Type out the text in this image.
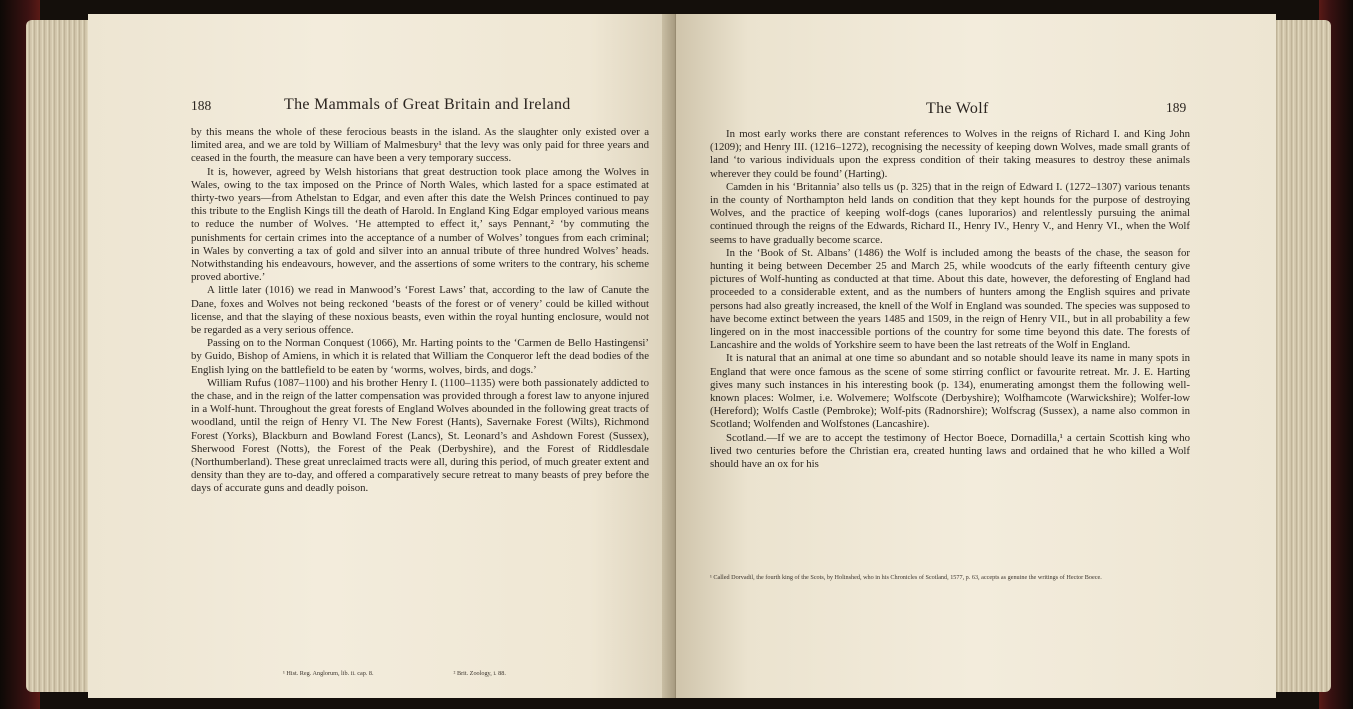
188	The Mammals of Great Britain and Ireland

by this means the whole of these ferocious beasts in the island. As the slaughter only existed over a limited area, and we are told by William of Malmesbury¹ that the levy was only paid for three years and ceased in the fourth, the measure can have been a very temporary success.

It is, however, agreed by Welsh historians that great destruction took place among the Wolves in Wales, owing to the tax imposed on the Prince of North Wales, which lasted for a space estimated at thirty-two years—from Athelstan to Edgar, and even after this date the Welsh Princes continued to pay this tribute to the English Kings till the death of Harold. In England King Edgar employed various means to reduce the number of Wolves. ‘He attempted to effect it,’ says Pennant,² ‘by commuting the punishments for certain crimes into the acceptance of a number of Wolves’ tongues from each criminal; in Wales by converting a tax of gold and silver into an annual tribute of three hundred Wolves’ heads. Notwithstanding his endeavours, however, and the assertions of some writers to the contrary, his scheme proved abortive.’

A little later (1016) we read in Manwood’s ‘Forest Laws’ that, according to the law of Canute the Dane, foxes and Wolves not being reckoned ‘beasts of the forest or of venery’ could be killed without license, and that the slaying of these noxious beasts, even within the royal hunting enclosure, would not be regarded as a very serious offence.

Passing on to the Norman Conquest (1066), Mr. Harting points to the ‘Carmen de Bello Hastingensi’ by Guido, Bishop of Amiens, in which it is related that William the Conqueror left the dead bodies of the English lying on the battlefield to be eaten by ‘worms, wolves, birds, and dogs.’

William Rufus (1087–1100) and his brother Henry I. (1100–1135) were both passionately addicted to the chase, and in the reign of the latter compensation was provided through a forest law to anyone injured in a Wolf-hunt. Throughout the great forests of England Wolves abounded in the following great tracts of woodland, until the reign of Henry VI. The New Forest (Hants), Savernake Forest (Wilts), Richmond Forest (Yorks), Blackburn and Bowland Forest (Lancs), St. Leonard’s and Ashdown Forest (Sussex), Sherwood Forest (Notts), the Forest of the Peak (Derbyshire), and the Forest of Riddlesdale (Northumberland). These great unreclaimed tracts were all, during this period, of much greater extent and density than they are to-day, and offered a comparatively secure retreat to many beasts of prey before the days of accurate guns and deadly poison.

¹ Hist. Reg. Anglorum, lib. ii. cap. 8.	² Brit. Zoology, i. 88.
The Wolf	189

In most early works there are constant references to Wolves in the reigns of Richard I. and King John (1209); and Henry III. (1216–1272), recognising the necessity of keeping down Wolves, made small grants of land ‘to various individuals upon the express condition of their taking measures to destroy these animals wherever they could be found’ (Harting).

Camden in his ‘Britannia’ also tells us (p. 325) that in the reign of Edward I. (1272–1307) various tenants in the county of Northampton held lands on condition that they kept hounds for the purpose of destroying Wolves, and the practice of keeping wolf-dogs (canes luporarios) and relentlessly pursuing the animal continued through the reigns of the Edwards, Richard II., Henry IV., Henry V., and Henry VI., when the Wolf seems to have gradually become scarce.

In the ‘Book of St. Albans’ (1486) the Wolf is included among the beasts of the chase, the season for hunting it being between December 25 and March 25, while woodcuts of the early fifteenth century give pictures of Wolf-hunting as conducted at that time. About this date, however, the deforesting of England had proceeded to a considerable extent, and as the numbers of hunters among the English squires and private persons had also greatly increased, the knell of the Wolf in England was sounded. The species was supposed to have become extinct between the years 1485 and 1509, in the reign of Henry VII., but in all probability a few lingered on in the most inaccessible portions of the country for some time beyond this date. The forests of Lancashire and the wolds of Yorkshire seem to have been the last retreats of the Wolf in England.

It is natural that an animal at one time so abundant and so notable should leave its name in many spots in England that were once famous as the scene of some stirring conflict or favourite retreat. Mr. J. E. Harting gives many such instances in his interesting book (p. 134), enumerating amongst them the following well-known places: Wolmer, i.e. Wolvemere; Wolfscote (Derbyshire); Wolfhamcote (Warwickshire); Wolfer-low (Hereford); Wolfs Castle (Pembroke); Wolf-pits (Radnorshire); Wolfscrag (Sussex), a name also common in Scotland; Wolfenden and Wolfstones (Lancashire).

Scotland.—If we are to accept the testimony of Hector Boece, Dornadilla,¹ a certain Scottish king who lived two centuries before the Christian era, created hunting laws and ordained that he who killed a Wolf should have an ox for his

¹ Called Dorvadil, the fourth king of the Scots, by Holinshed, who in his Chronicles of Scotland, 1577, p. 63, accepts as genuine the writings of Hector Boece.
